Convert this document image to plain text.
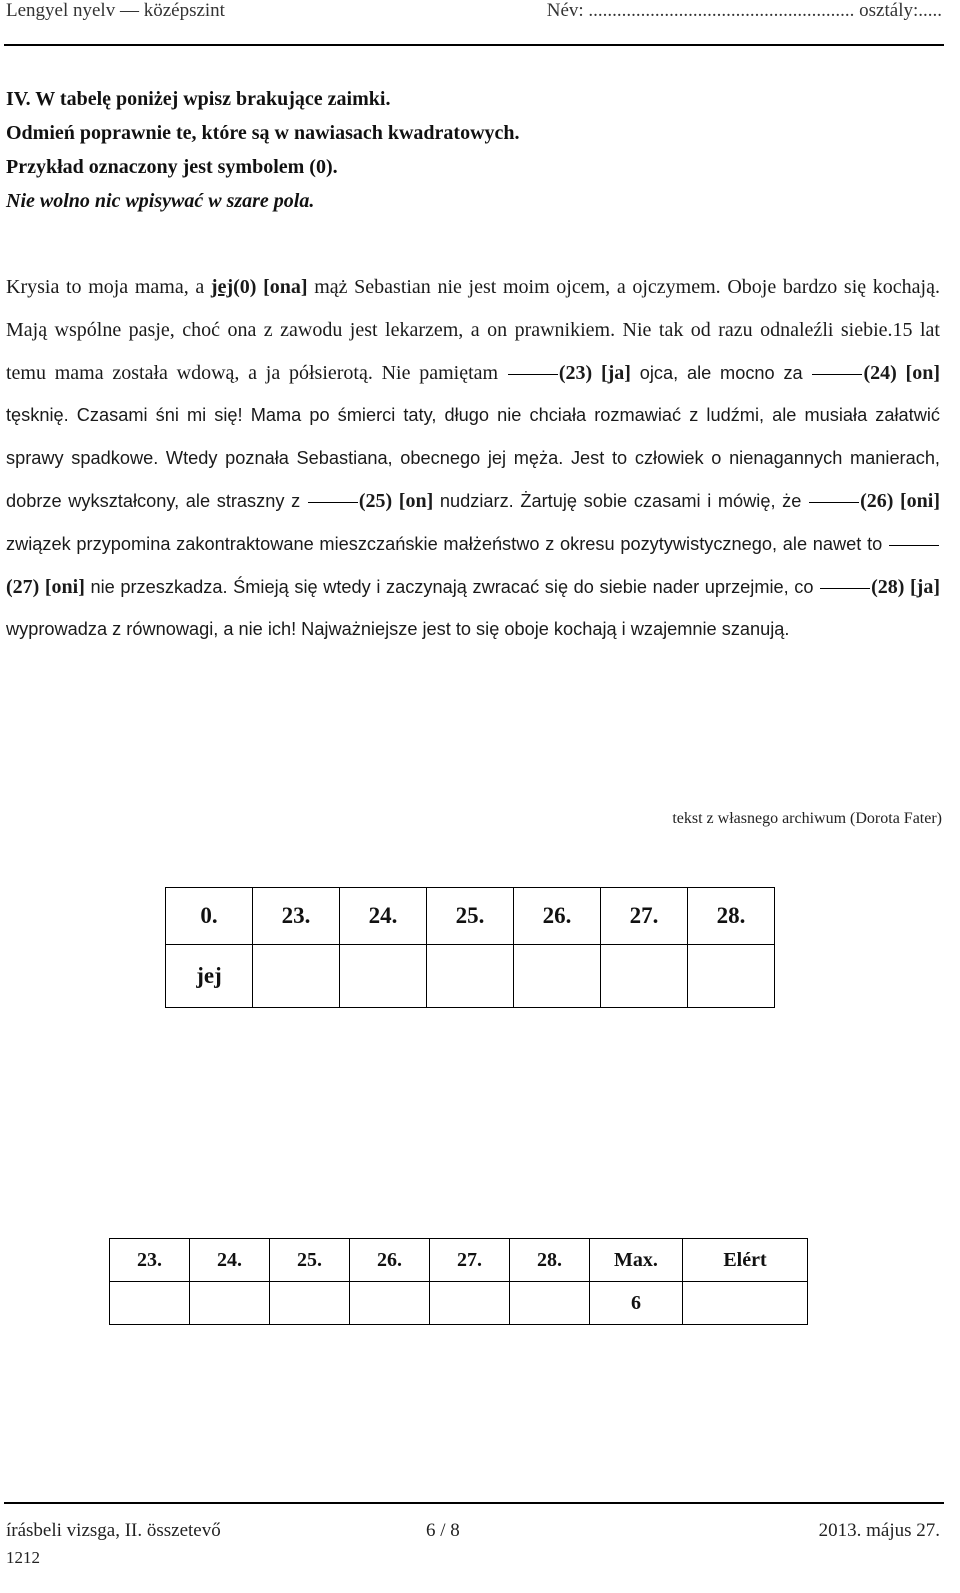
Lengyel nyelv — középszint	Név: ........................................................ osztály:.....
IV. W tabelę poniżej wpisz brakujące zaimki.
Odmień poprawnie te, które są w nawiasach kwadratowych.
Przykład oznaczony jest symbolem (0).
Nie wolno nic wpisywać w szare pola.
Krysia to moja mama, a jej(0) [ona] mąż Sebastian nie jest moim ojcem, a ojczymem. Oboje bardzo się kochają. Mają wspólne pasje, choć ona z zawodu jest lekarzem, a on prawnikiem. Nie tak od razu odnaleźli siebie.15 lat temu mama została wdową, a ja półsierotą. Nie pamiętam	(23) [ja] ojca, ale mocno za	(24) [on] tęsknię. Czasami śni mi się! Mama po śmierci taty, długo nie chciała rozmawiać z ludźmi, ale musiała załatwić sprawy spadkowe. Wtedy poznała Sebastiana, obecnego jej męża. Jest to człowiek o nienagannych manierach, dobrze wykształcony, ale straszny z	(25) [on] nudziarz. Żartuję sobie czasami i mówię, że	(26) [oni] związek przypomina zakontraktowane mieszczańskie małżeństwo z okresu pozytywistycznego, ale nawet to (27) [oni] nie przeszkadza. Śmieją się wtedy i zaczynają zwracać się do siebie nader uprzejmie, co	(28) [ja] wyprowadza z równowagi, a nie ich! Najważniejsze jest to się oboje kochają i wzajemnie szanują.
tekst z własnego archiwum (Dorota Fater)
0.	23.	24.	25.	26.	27.	28.
jej						
23.	24.	25.	26.	27.	28.	Max.	Elért
						6	
írásbeli vizsga, II. összetevő	6 / 8	2013. május 27.
1212
